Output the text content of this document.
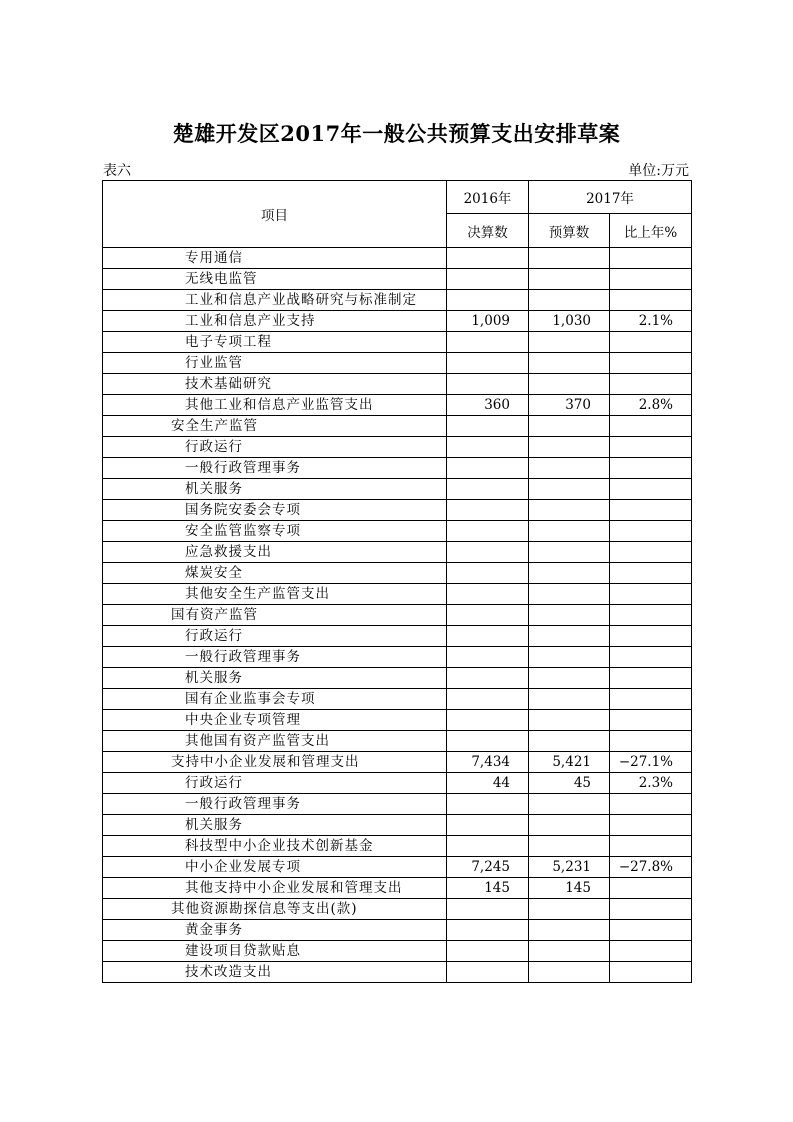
楚雄开发区2017年一般公共预算支出安排草案
表六	单位:万元
项目	2016年	2017年	
	决算数	预算数	比上年%
专用通信			
无线电监管			
工业和信息产业战略研究与标准制定			
工业和信息产业支持	1,009	1,030	2.1%
电子专项工程			
行业监管			
技术基础研究			
其他工业和信息产业监管支出	360	370	2.8%
安全生产监管			
行政运行			
一般行政管理事务			
机关服务			
国务院安委会专项			
安全监管监察专项			
应急救援支出			
煤炭安全			
其他安全生产监管支出			
国有资产监管			
行政运行			
一般行政管理事务			
机关服务			
国有企业监事会专项			
中央企业专项管理			
其他国有资产监管支出			
支持中小企业发展和管理支出	7,434	5,421	−27.1%
行政运行	44	45	2.3%
一般行政管理事务			
机关服务			
科技型中小企业技术创新基金			
中小企业发展专项	7,245	5,231	−27.8%
其他支持中小企业发展和管理支出	145	145	
其他资源勘探信息等支出(款)			
黄金事务			
建设项目贷款贴息			
技术改造支出			
